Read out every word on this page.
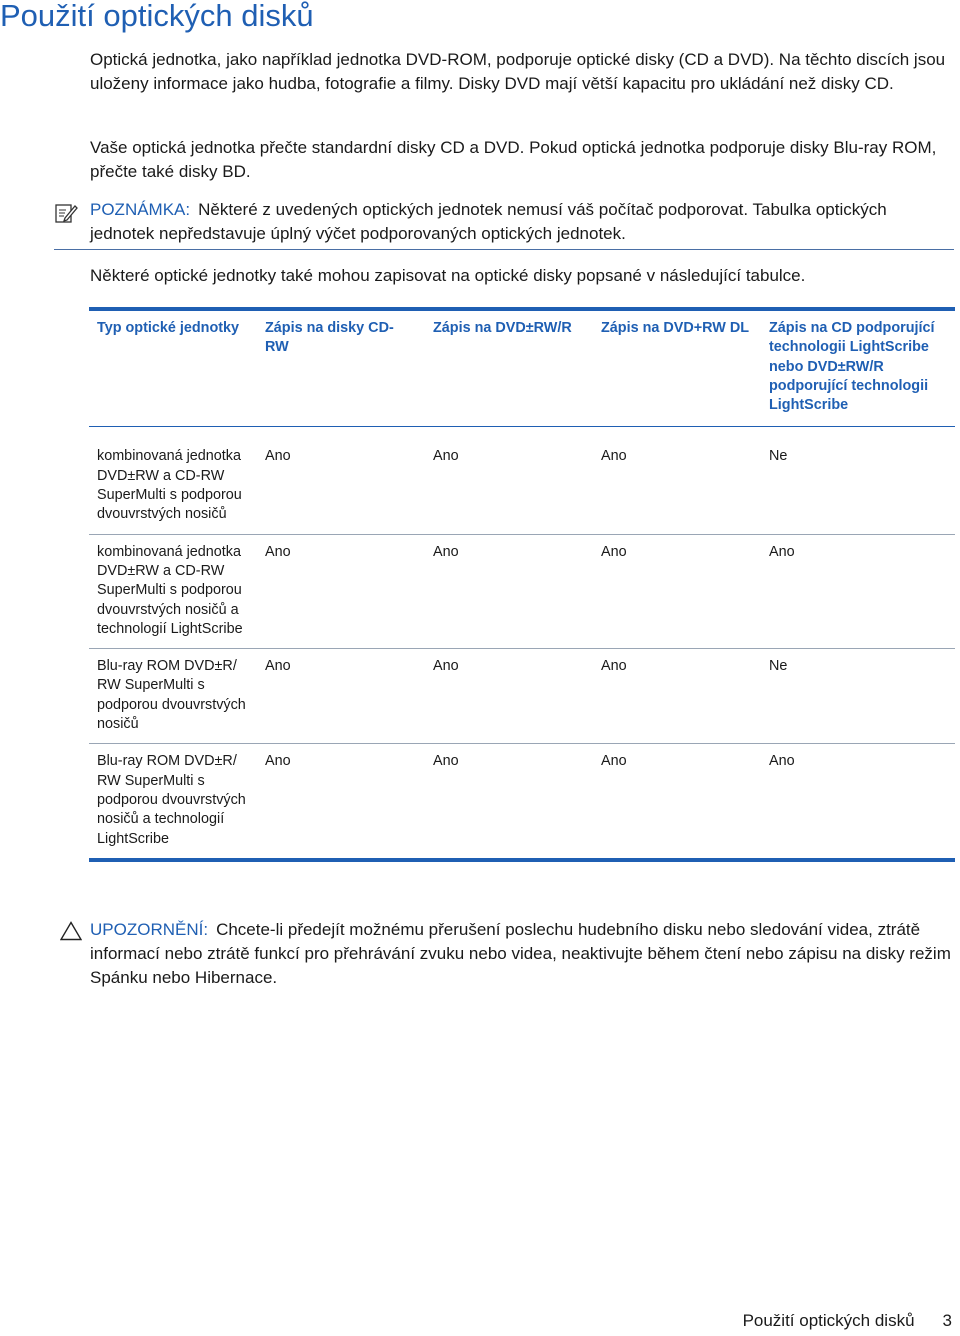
Použití optických disků

Optická jednotka, jako například jednotka DVD-ROM, podporuje optické disky (CD a DVD). Na těchto discích jsou uloženy informace jako hudba, fotografie a filmy. Disky DVD mají větší kapacitu pro ukládání než disky CD.

Vaše optická jednotka přečte standardní disky CD a DVD. Pokud optická jednotka podporuje disky Blu-ray ROM, přečte také disky BD.

POZNÁMKA: Některé z uvedených optických jednotek nemusí váš počítač podporovat. Tabulka optických jednotek nepředstavuje úplný výčet podporovaných optických jednotek.

Některé optické jednotky také mohou zapisovat na optické disky popsané v následující tabulce.

Typ optické jednotky	Zápis na disky CD-RW	Zápis na DVD±RW/R	Zápis na DVD+RW DL	Zápis na CD podporující technologii LightScribe nebo DVD±RW/R podporující technologii LightScribe
kombinovaná jednotka DVD±RW a CD-RW SuperMulti s podporou dvouvrstvých nosičů	Ano	Ano	Ano	Ne
kombinovaná jednotka DVD±RW a CD-RW SuperMulti s podporou dvouvrstvých nosičů a technologií LightScribe	Ano	Ano	Ano	Ano
Blu-ray ROM DVD±R/ RW SuperMulti s podporou dvouvrstvých nosičů	Ano	Ano	Ano	Ne
Blu-ray ROM DVD±R/ RW SuperMulti s podporou dvouvrstvých nosičů a technologií LightScribe	Ano	Ano	Ano	Ano

UPOZORNĚNÍ: Chcete-li předejít možnému přerušení poslechu hudebního disku nebo sledování videa, ztrátě informací nebo ztrátě funkcí pro přehrávání zvuku nebo videa, neaktivujte během čtení nebo zápisu na disky režim Spánku nebo Hibernace.

Použití optických disků 3
